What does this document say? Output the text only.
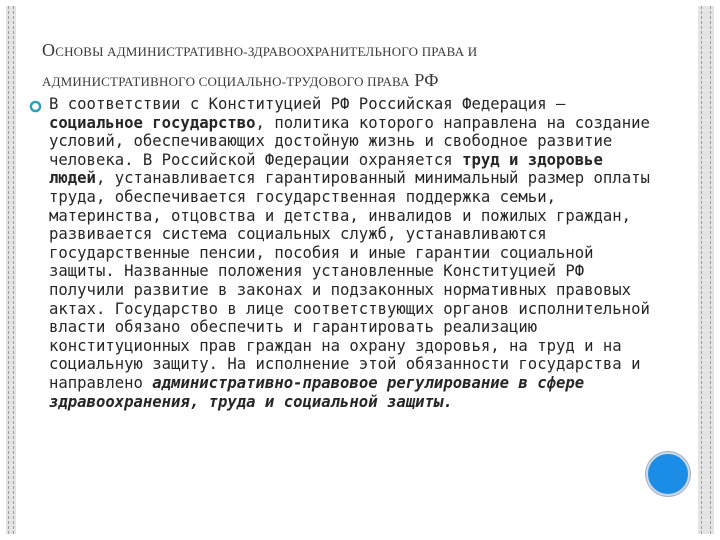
ОСНОВЫ АДМИНИСТРАТИВНО-ЗДРАВООХРАНИТЕЛЬНОГО ПРАВА И
АДМИНИСТРАТИВНОГО СОЦИАЛЬНО-ТРУДОВОГО ПРАВА РФ

В соответствии с Конституцией РФ Российская Федерация — социальное государство, политика которого направлена на создание условий, обеспечивающих достойную жизнь и свободное развитие человека. В Российской Федерации охраняется труд и здоровье людей, устанавливается гарантированный минимальный размер оплаты труда, обеспечивается государственная поддержка семьи, материнства, отцовства и детства, инвалидов и пожилых граждан, развивается система социальных служб, устанавливаются государственные пенсии, пособия и иные гарантии социальной защиты. Названные положения установленные Конституцией РФ получили развитие в законах и подзаконных нормативных правовых актах. Государство в лице соответствующих органов исполнительной власти обязано обеспечить и гарантировать реализацию конституционных прав граждан на охрану здоровья, на труд и на социальную защиту. На исполнение этой обязанности государства и направлено административно-правовое регулирование в сфере здравоохранения, труда и социальной защиты.
